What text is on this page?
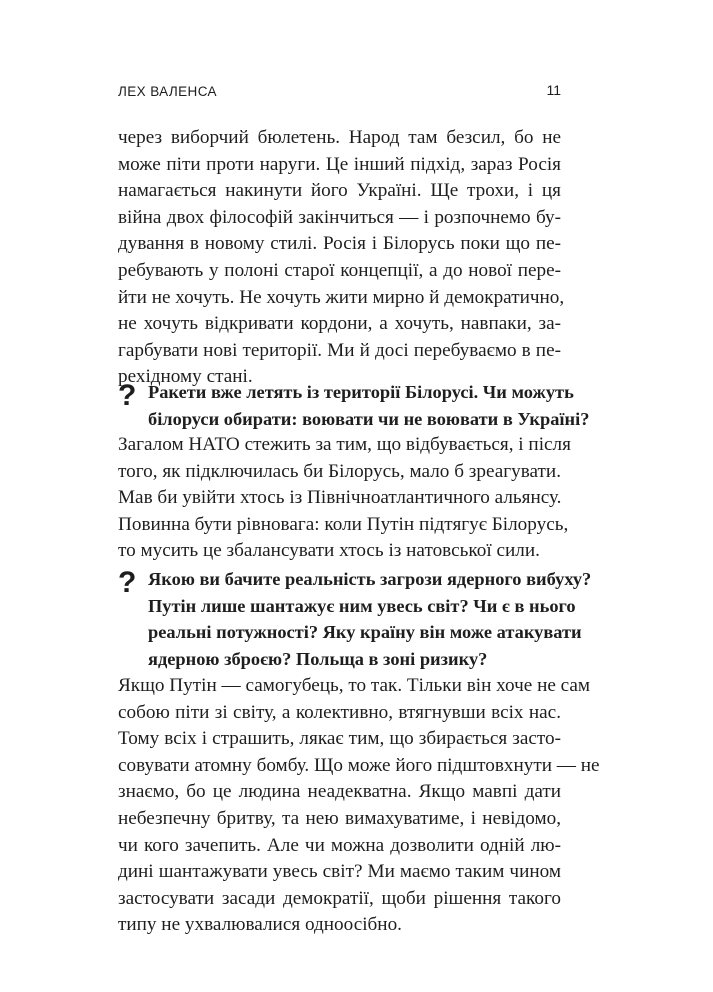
ЛЕХ ВАЛЕНСА	11
через виборчий бюлетень. Народ там безсил, бо не
може піти проти наруги. Це інший підхід, зараз Росія
намагається накинути його Україні. Ще трохи, і ця
війна двох філософій закінчиться — і розпочнемо бу-
дування в новому стилі. Росія і Білорусь поки що пе-
ребувають у полоні старої концепції, а до нової пере-
йти не хочуть. Не хочуть жити мирно й демократично,
не хочуть відкривати кордони, а хочуть, навпаки, за-
гарбувати нові території. Ми й досі перебуваємо в пе-
рехідному стані.
? Ракети вже летять із території Білорусі. Чи можуть
білоруси обирати: воювати чи не воювати в Україні?
Загалом НАТО стежить за тим, що відбувається, і після
того, як підключилась би Білорусь, мало б зреагувати.
Мав би увійти хтось із Північноатлантичного альянсу.
Повинна бути рівновага: коли Путін підтягує Білорусь,
то мусить це збалансувати хтось із натовської сили.
? Якою ви бачите реальність загрози ядерного вибуху?
Путін лише шантажує ним увесь світ? Чи є в нього
реальні потужності? Яку країну він може атакувати
ядерною зброєю? Польща в зоні ризику?
Якщо Путін — самогубець, то так. Тільки він хоче не сам
собою піти зі світу, а колективно, втягнувши всіх нас.
Тому всіх і страшить, лякає тим, що збирається засто-
совувати атомну бомбу. Що може його підштовхнути — не
знаємо, бо це людина неадекватна. Якщо мавпі дати
небезпечну бритву, та нею вимахуватиме, і невідомо,
чи кого зачепить. Але чи можна дозволити одній лю-
дині шантажувати увесь світ? Ми маємо таким чином
застосувати засади демократії, щоби рішення такого
типу не ухвалювалися одноосібно.
